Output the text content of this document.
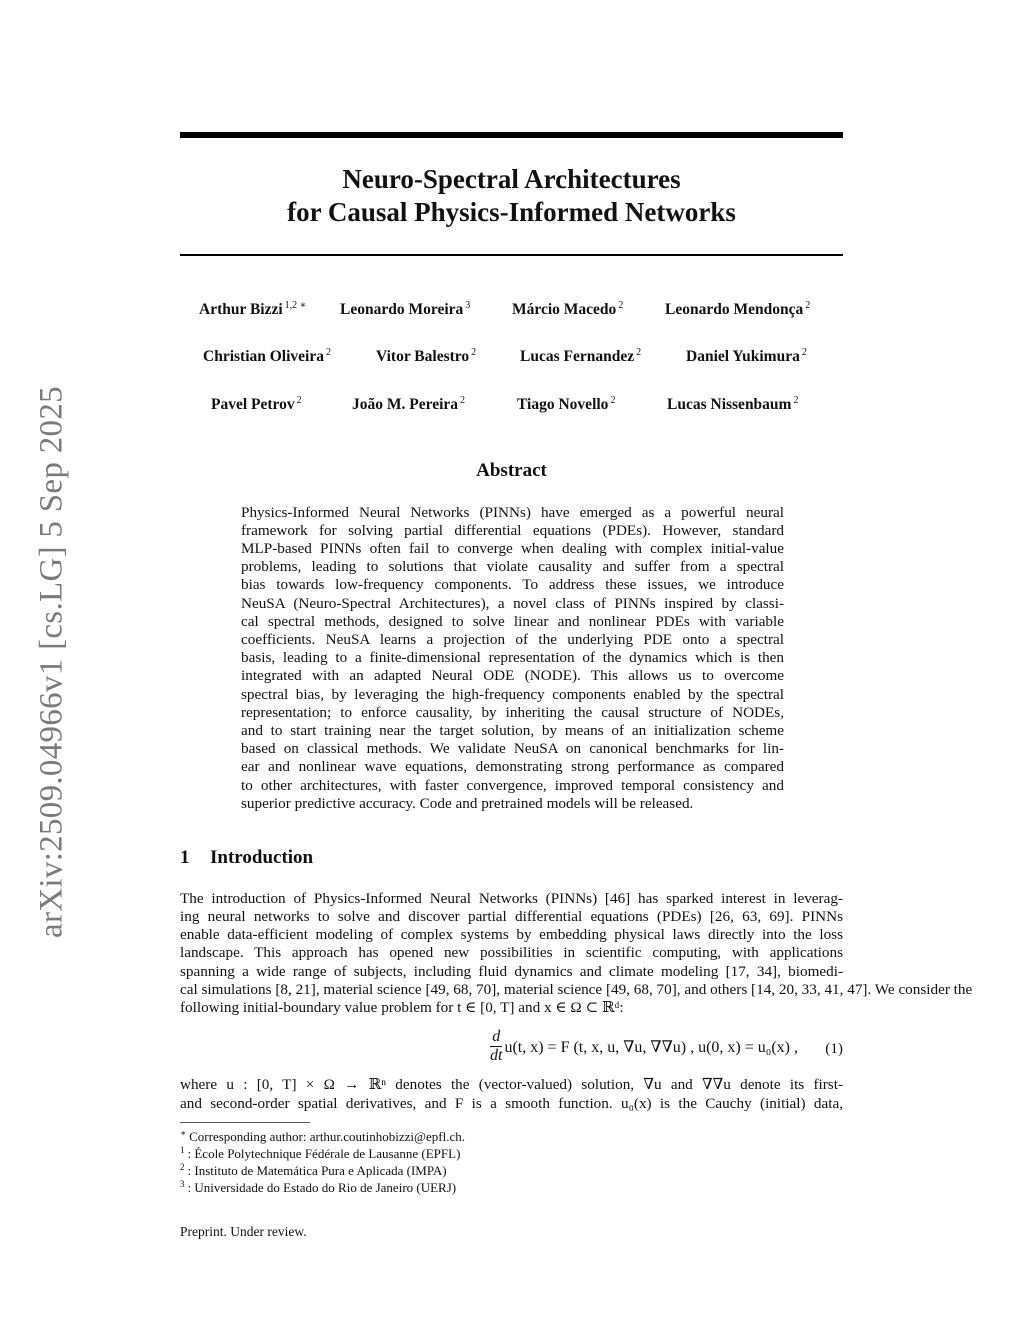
arXiv:2509.04966v1 [cs.LG] 5 Sep 2025
Neuro-Spectral Architectures
for Causal Physics-Informed Networks
Arthur Bizzi $^{1,2 ∗}$ Leonardo Moreira $^3$	Márcio Macedo $^2$	Leonardo Mendonça $^2$
Christian Oliveira $^2$	Vitor Balestro $^2$	Lucas Fernandez $^2$	Daniel Yukimura $^2$
Pavel Petrov $^2$	João M. Pereira $^2$	Tiago Novello $^2$	Lucas Nissenbaum $^2$
Abstract
Physics-Informed Neural Networks (PINNs) have emerged as a powerful neural
framework for solving partial differential equations (PDEs). However, standard
MLP-based PINNs often fail to converge when dealing with complex initial-value
problems, leading to solutions that violate causality and suffer from a spectral
bias towards low-frequency components. To address these issues, we introduce
NeuSA (Neuro-Spectral Architectures), a novel class of PINNs inspired by classi-
cal spectral methods, designed to solve linear and nonlinear PDEs with variable
coefficients. NeuSA learns a projection of the underlying PDE onto a spectral
basis, leading to a finite-dimensional representation of the dynamics which is then
integrated with an adapted Neural ODE (NODE). This allows us to overcome
spectral bias, by leveraging the high-frequency components enabled by the spectral
representation; to enforce causality, by inheriting the causal structure of NODEs,
and to start training near the target solution, by means of an initialization scheme
based on classical methods. We validate NeuSA on canonical benchmarks for lin-
ear and nonlinear wave equations, demonstrating strong performance as compared
to other architectures, with faster convergence, improved temporal consistency and
superior predictive accuracy. Code and pretrained models will be released.
1 Introduction
The introduction of Physics-Informed Neural Networks (PINNs) [46] has sparked interest in leverag-
ing neural networks to solve and discover partial differential equations (PDEs) [26, 63, 69]. PINNs
enable data-efficient modeling of complex systems by embedding physical laws directly into the loss
landscape. This approach has opened new possibilities in scientific computing, with applications
spanning a wide range of subjects, including fluid dynamics and climate modeling [17, 34], biomedi-
cal simulations [8, 21], material science [49, 68, 70], material science [49, 68, 70], and others [14, 20, 33, 41, 47]. We consider the
following initial-boundary value problem for t ∈ [0, T] and x ∈ Ω ⊂ ℝᵈ:
$\frac{d}{dt} u(t$, x) = F (t, x, u, ∇u, ∇∇u) , u(0, x) = u₀(x) , (1)
where u : [0, T] × Ω → ℝⁿ denotes the (vector-valued) solution, ∇u and ∇∇u denote its first-
and second-order spatial derivatives, and F is a smooth function. u₀(x) is the Cauchy (initial) data,
∗ Corresponding author: arthur.coutinhobizzi@epfl.ch.
$^1$ : École Polytechnique Fédérale de Lausanne (EPFL)
$^2$ : Instituto de Matemática Pura e Aplicada (IMPA)
$^3$ : Universidade do Estado do Rio de Janeiro (UERJ)
Preprint. Under review.
